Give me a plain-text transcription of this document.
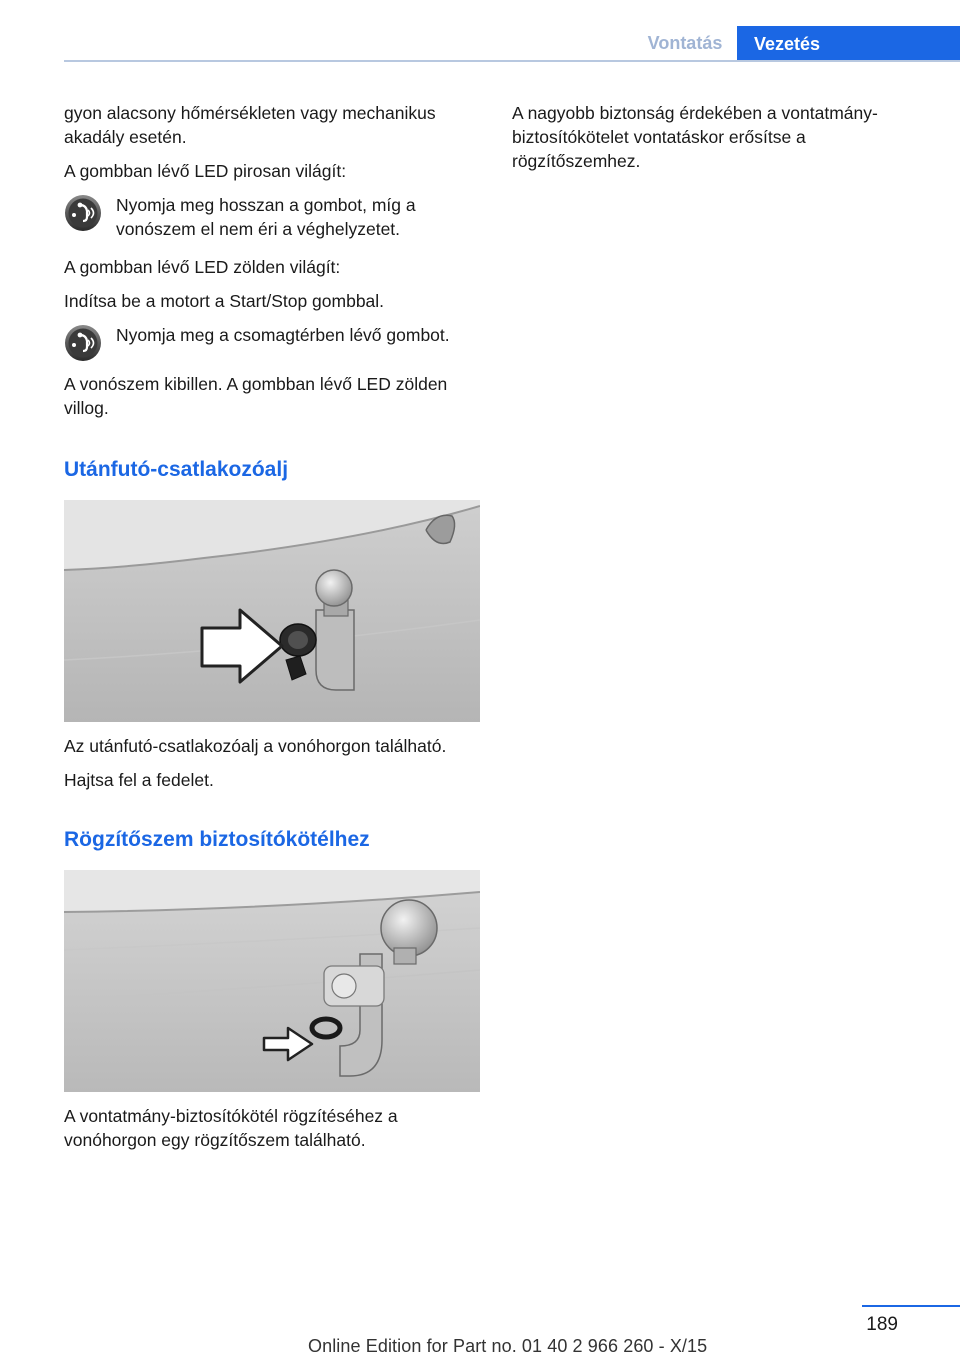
Vontatás	Vezetés

gyon alacsony hőmérsékleten vagy mechanikus akadály esetén.

A gombban lévő LED pirosan világít:

Nyomja meg hosszan a gombot, míg a vonószem el nem éri a véghelyzetet.

A gombban lévő LED zölden világít:

Indítsa be a motort a Start/Stop gombbal.

Nyomja meg a csomagtérben lévő gombot.

A vonószem kibillen. A gombban lévő LED zölden villog.

Utánfutó-csatlakozóalj

Az utánfutó-csatlakozóalj a vonóhorgon található.

Hajtsa fel a fedelet.

Rögzítőszem biztosítókötélhez

A vontatmány-biztosítókötél rögzítéséhez a vonóhorgon egy rögzítőszem található.

A nagyobb biztonság érdekében a vontatmány-biztosítókötelet vontatáskor erősítse a rögzítőszemhez.

189
Online Edition for Part no. 01 40 2 966 260 - X/15
